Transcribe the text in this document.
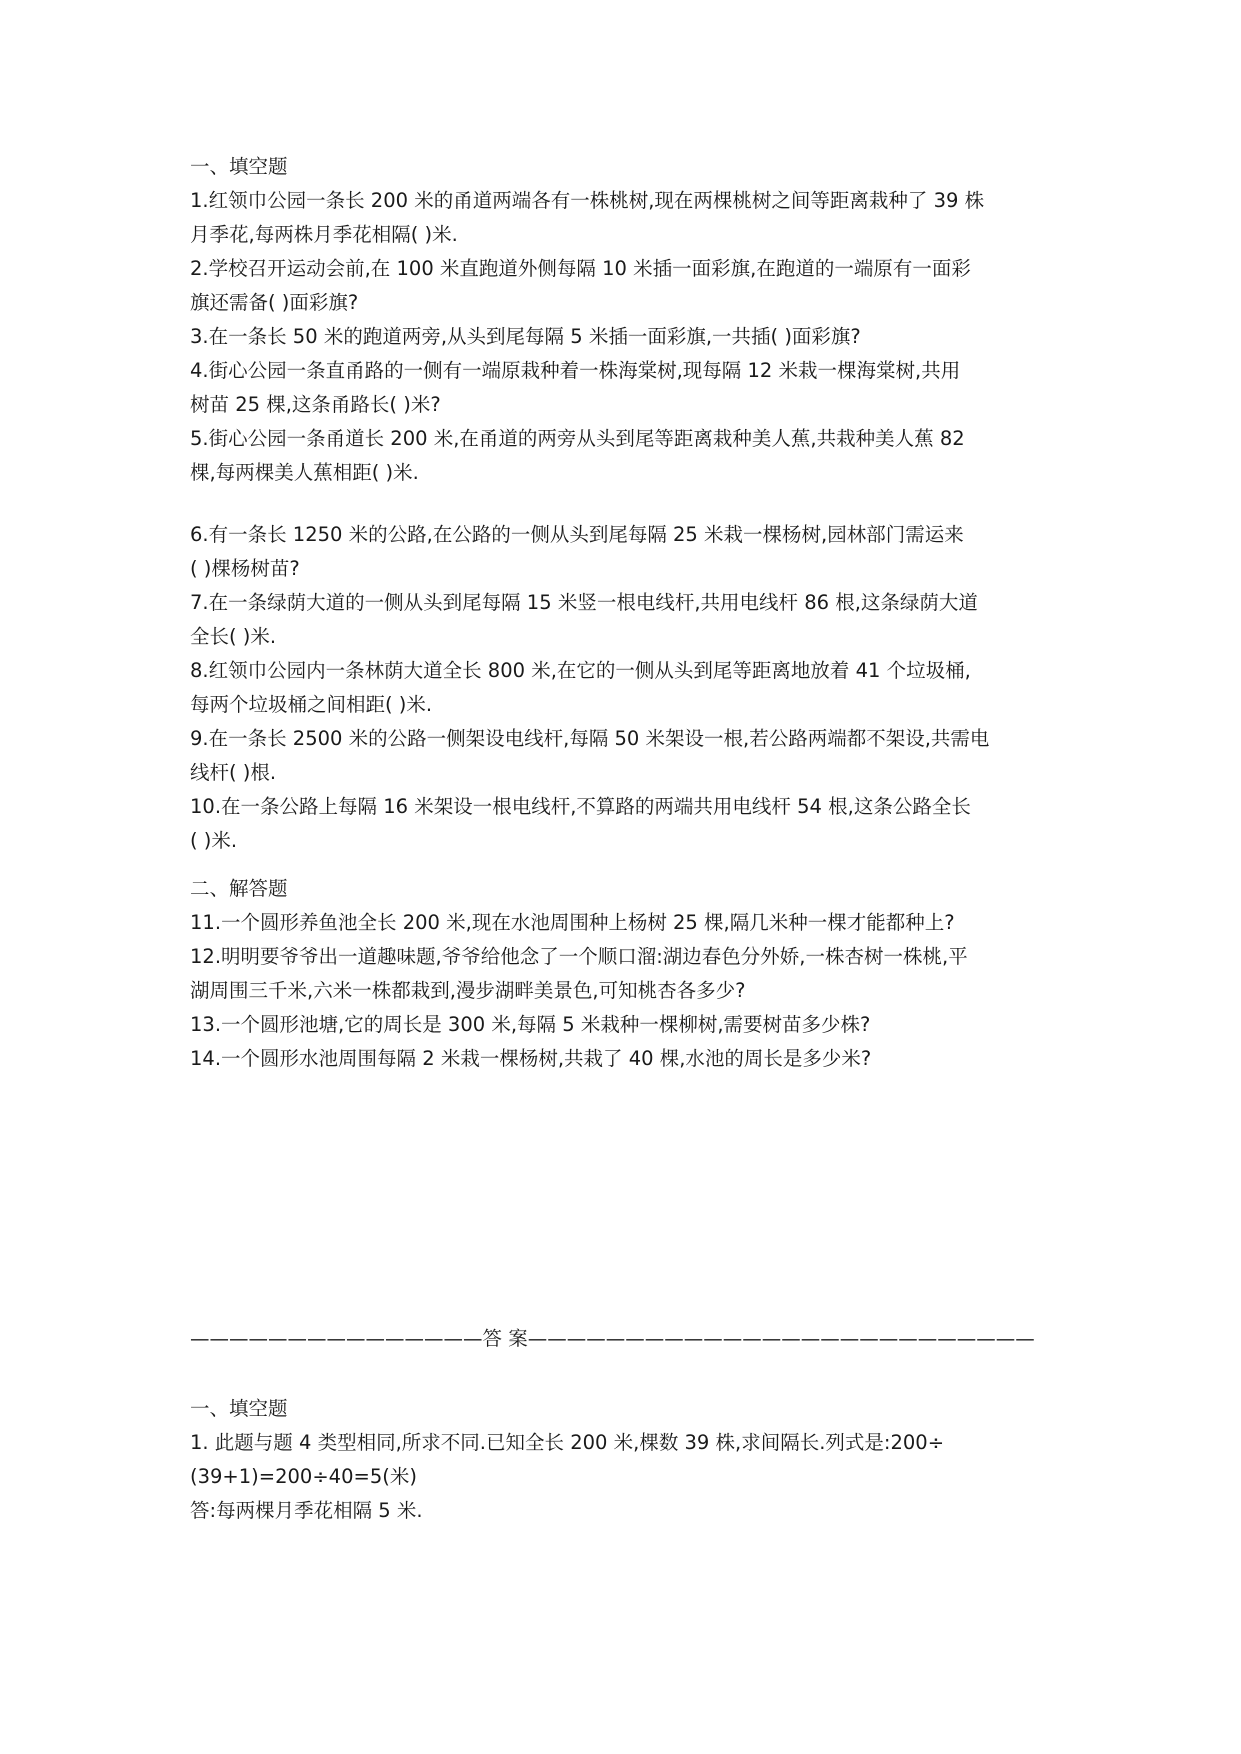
一、填空题
1.红领巾公园一条长 200 米的甬道两端各有一株桃树,现在两棵桃树之间等距离栽种了 39 株
月季花,每两株月季花相隔( )米.
2.学校召开运动会前,在 100 米直跑道外侧每隔 10 米插一面彩旗,在跑道的一端原有一面彩
旗还需备( )面彩旗?
3.在一条长 50 米的跑道两旁,从头到尾每隔 5 米插一面彩旗,一共插( )面彩旗?
4.街心公园一条直甬路的一侧有一端原栽种着一株海棠树,现每隔 12 米栽一棵海棠树,共用
树苗 25 棵,这条甬路长( )米?
5.街心公园一条甬道长 200 米,在甬道的两旁从头到尾等距离栽种美人蕉,共栽种美人蕉 82
棵,每两棵美人蕉相距( )米.
6.有一条长 1250 米的公路,在公路的一侧从头到尾每隔 25 米栽一棵杨树,园林部门需运来
( )棵杨树苗?
7.在一条绿荫大道的一侧从头到尾每隔 15 米竖一根电线杆,共用电线杆 86 根,这条绿荫大道
全长( )米.
8.红领巾公园内一条林荫大道全长 800 米,在它的一侧从头到尾等距离地放着 41 个垃圾桶,
每两个垃圾桶之间相距( )米.
9.在一条长 2500 米的公路一侧架设电线杆,每隔 50 米架设一根,若公路两端都不架设,共需电
线杆( )根.
10.在一条公路上每隔 16 米架设一根电线杆,不算路的两端共用电线杆 54 根,这条公路全长
( )米.
二、解答题
11.一个圆形养鱼池全长 200 米,现在水池周围种上杨树 25 棵,隔几米种一棵才能都种上?
12.明明要爷爷出一道趣味题,爷爷给他念了一个顺口溜:湖边春色分外娇,一株杏树一株桃,平
湖周围三千米,六米一株都栽到,漫步湖畔美景色,可知桃杏各多少?
13.一个圆形池塘,它的周长是 300 米,每隔 5 米栽种一棵柳树,需要树苗多少株?
14.一个圆形水池周围每隔 2 米栽一棵杨树,共栽了 40 棵,水池的周长是多少米?
———————————————答 案——————————————————————————
一、填空题
1. 此题与题 4 类型相同,所求不同.已知全长 200 米,棵数 39 株,求间隔长.列式是:200÷
(39+1)=200÷40=5(米)
答:每两棵月季花相隔 5 米.
